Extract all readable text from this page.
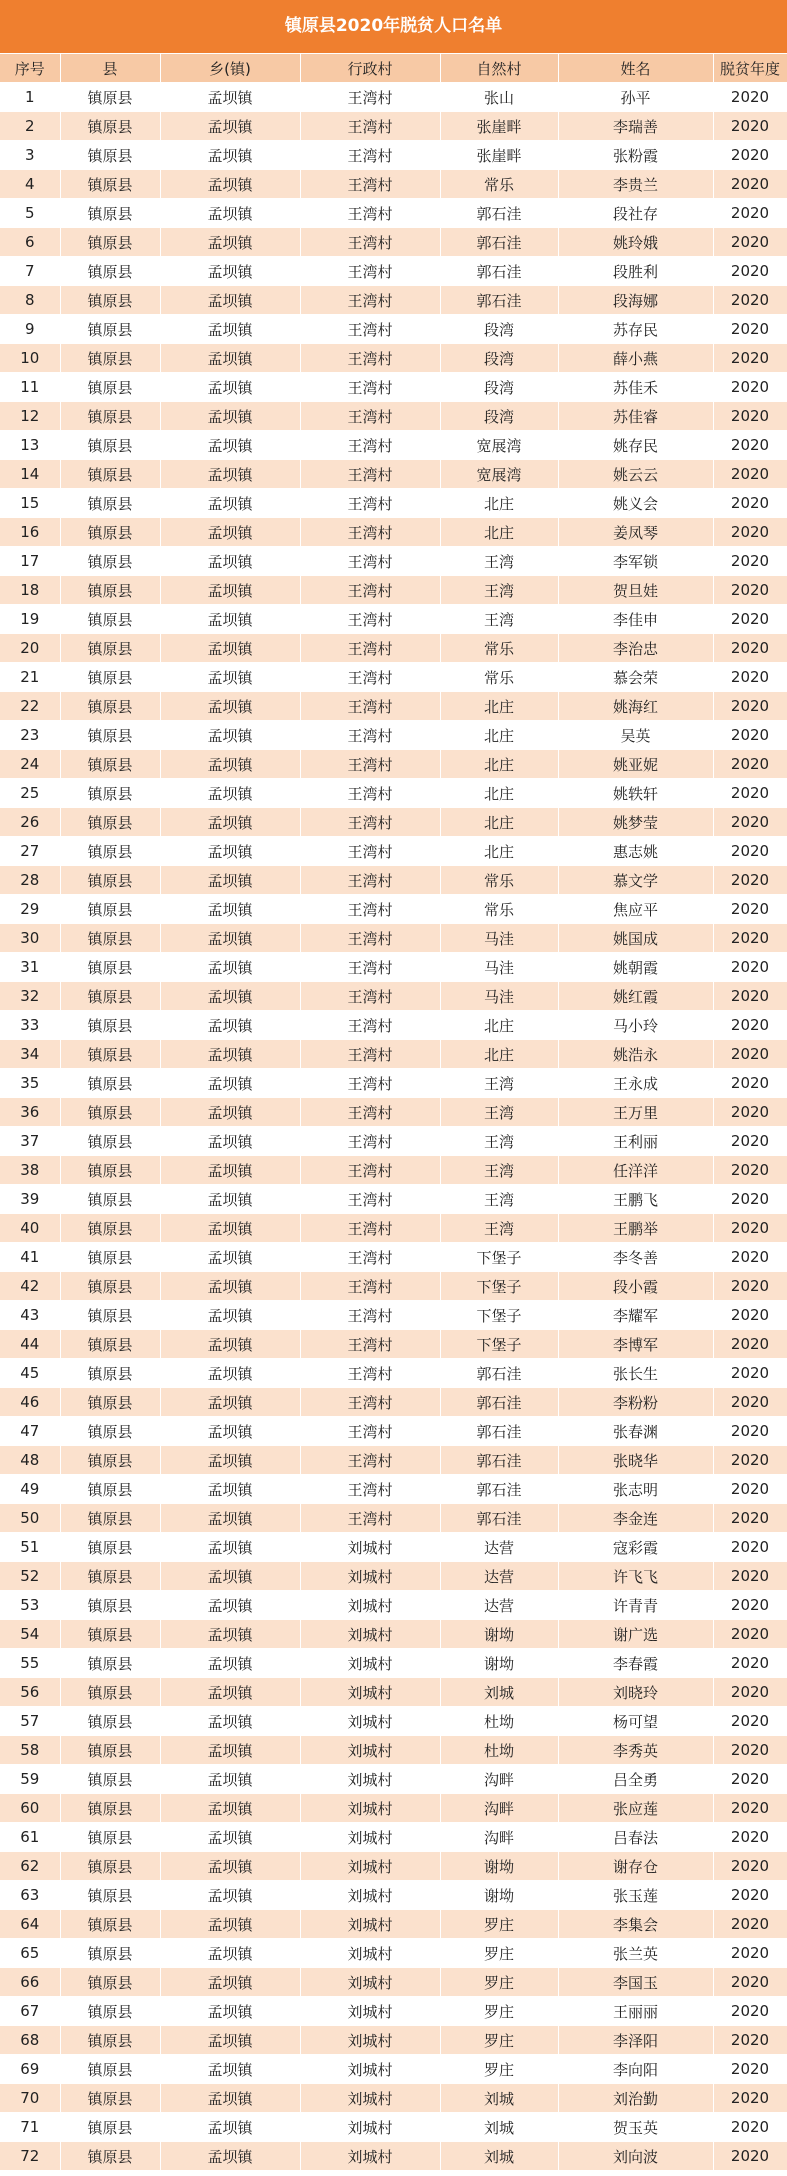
镇原县2020年脱贫人口名单
序号	县	乡(镇)	行政村	自然村	姓名	脱贫年度
1	镇原县	孟坝镇	王湾村	张山	孙平	2020
2	镇原县	孟坝镇	王湾村	张崖畔	李瑞善	2020
3	镇原县	孟坝镇	王湾村	张崖畔	张粉霞	2020
4	镇原县	孟坝镇	王湾村	常乐	李贵兰	2020
5	镇原县	孟坝镇	王湾村	郭石洼	段社存	2020
6	镇原县	孟坝镇	王湾村	郭石洼	姚玲娥	2020
7	镇原县	孟坝镇	王湾村	郭石洼	段胜利	2020
8	镇原县	孟坝镇	王湾村	郭石洼	段海娜	2020
9	镇原县	孟坝镇	王湾村	段湾	苏存民	2020
10	镇原县	孟坝镇	王湾村	段湾	薛小燕	2020
11	镇原县	孟坝镇	王湾村	段湾	苏佳禾	2020
12	镇原县	孟坝镇	王湾村	段湾	苏佳睿	2020
13	镇原县	孟坝镇	王湾村	宽展湾	姚存民	2020
14	镇原县	孟坝镇	王湾村	宽展湾	姚云云	2020
15	镇原县	孟坝镇	王湾村	北庄	姚义会	2020
16	镇原县	孟坝镇	王湾村	北庄	姜凤琴	2020
17	镇原县	孟坝镇	王湾村	王湾	李军锁	2020
18	镇原县	孟坝镇	王湾村	王湾	贺旦娃	2020
19	镇原县	孟坝镇	王湾村	王湾	李佳申	2020
20	镇原县	孟坝镇	王湾村	常乐	李治忠	2020
21	镇原县	孟坝镇	王湾村	常乐	慕会荣	2020
22	镇原县	孟坝镇	王湾村	北庄	姚海红	2020
23	镇原县	孟坝镇	王湾村	北庄	吴英	2020
24	镇原县	孟坝镇	王湾村	北庄	姚亚妮	2020
25	镇原县	孟坝镇	王湾村	北庄	姚轶轩	2020
26	镇原县	孟坝镇	王湾村	北庄	姚梦莹	2020
27	镇原县	孟坝镇	王湾村	北庄	惠志姚	2020
28	镇原县	孟坝镇	王湾村	常乐	慕文学	2020
29	镇原县	孟坝镇	王湾村	常乐	焦应平	2020
30	镇原县	孟坝镇	王湾村	马洼	姚国成	2020
31	镇原县	孟坝镇	王湾村	马洼	姚朝霞	2020
32	镇原县	孟坝镇	王湾村	马洼	姚红霞	2020
33	镇原县	孟坝镇	王湾村	北庄	马小玲	2020
34	镇原县	孟坝镇	王湾村	北庄	姚浩永	2020
35	镇原县	孟坝镇	王湾村	王湾	王永成	2020
36	镇原县	孟坝镇	王湾村	王湾	王万里	2020
37	镇原县	孟坝镇	王湾村	王湾	王利丽	2020
38	镇原县	孟坝镇	王湾村	王湾	任洋洋	2020
39	镇原县	孟坝镇	王湾村	王湾	王鹏飞	2020
40	镇原县	孟坝镇	王湾村	王湾	王鹏举	2020
41	镇原县	孟坝镇	王湾村	下堡子	李冬善	2020
42	镇原县	孟坝镇	王湾村	下堡子	段小霞	2020
43	镇原县	孟坝镇	王湾村	下堡子	李耀军	2020
44	镇原县	孟坝镇	王湾村	下堡子	李博军	2020
45	镇原县	孟坝镇	王湾村	郭石洼	张长生	2020
46	镇原县	孟坝镇	王湾村	郭石洼	李粉粉	2020
47	镇原县	孟坝镇	王湾村	郭石洼	张春渊	2020
48	镇原县	孟坝镇	王湾村	郭石洼	张晓华	2020
49	镇原县	孟坝镇	王湾村	郭石洼	张志明	2020
50	镇原县	孟坝镇	王湾村	郭石洼	李金连	2020
51	镇原县	孟坝镇	刘城村	达营	寇彩霞	2020
52	镇原县	孟坝镇	刘城村	达营	许飞飞	2020
53	镇原县	孟坝镇	刘城村	达营	许青青	2020
54	镇原县	孟坝镇	刘城村	谢坳	谢广选	2020
55	镇原县	孟坝镇	刘城村	谢坳	李春霞	2020
56	镇原县	孟坝镇	刘城村	刘城	刘晓玲	2020
57	镇原县	孟坝镇	刘城村	杜坳	杨可望	2020
58	镇原县	孟坝镇	刘城村	杜坳	李秀英	2020
59	镇原县	孟坝镇	刘城村	沟畔	吕全勇	2020
60	镇原县	孟坝镇	刘城村	沟畔	张应莲	2020
61	镇原县	孟坝镇	刘城村	沟畔	吕春法	2020
62	镇原县	孟坝镇	刘城村	谢坳	谢存仓	2020
63	镇原县	孟坝镇	刘城村	谢坳	张玉莲	2020
64	镇原县	孟坝镇	刘城村	罗庄	李集会	2020
65	镇原县	孟坝镇	刘城村	罗庄	张兰英	2020
66	镇原县	孟坝镇	刘城村	罗庄	李国玉	2020
67	镇原县	孟坝镇	刘城村	罗庄	王丽丽	2020
68	镇原县	孟坝镇	刘城村	罗庄	李泽阳	2020
69	镇原县	孟坝镇	刘城村	罗庄	李向阳	2020
70	镇原县	孟坝镇	刘城村	刘城	刘治勤	2020
71	镇原县	孟坝镇	刘城村	刘城	贺玉英	2020
72	镇原县	孟坝镇	刘城村	刘城	刘向波	2020
